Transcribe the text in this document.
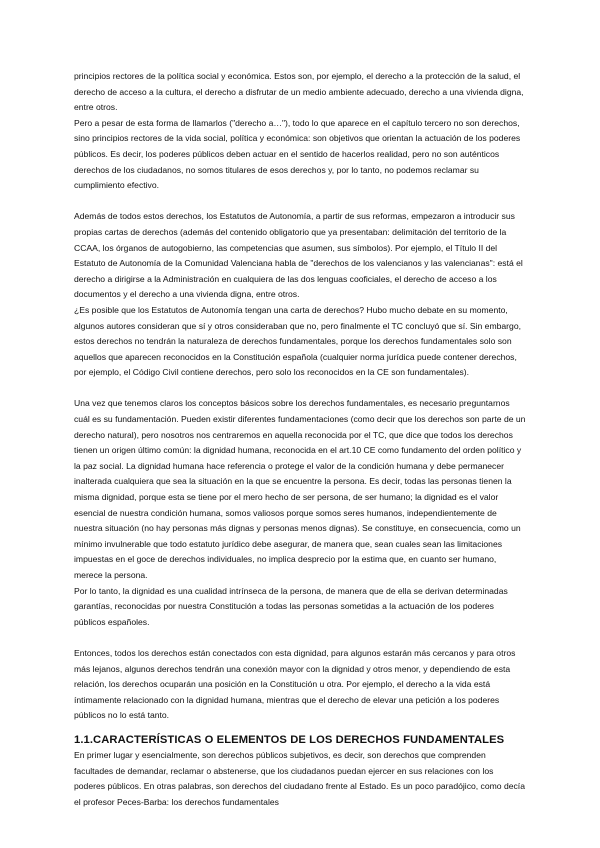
principios rectores de la política social y económica. Estos son, por ejemplo, el derecho a la protección de la salud, el derecho de acceso a la cultura, el derecho a disfrutar de un medio ambiente adecuado, derecho a una vivienda digna, entre otros.

Pero a pesar de esta forma de llamarlos ("derecho a…"), todo lo que aparece en el capítulo tercero no son derechos, sino principios rectores de la vida social, política y económica: son objetivos que orientan la actuación de los poderes públicos. Es decir, los poderes públicos deben actuar en el sentido de hacerlos realidad, pero no son auténticos derechos de los ciudadanos, no somos titulares de esos derechos y, por lo tanto, no podemos reclamar su cumplimiento efectivo.

Además de todos estos derechos, los Estatutos de Autonomía, a partir de sus reformas, empezaron a introducir sus propias cartas de derechos (además del contenido obligatorio que ya presentaban: delimitación del territorio de la CCAA, los órganos de autogobierno, las competencias que asumen, sus símbolos). Por ejemplo, el Título II del Estatuto de Autonomía de la Comunidad Valenciana habla de "derechos de los valencianos y las valencianas": está el derecho a dirigirse a la Administración en cualquiera de las dos lenguas cooficiales, el derecho de acceso a los documentos y el derecho a una vivienda digna, entre otros.

¿Es posible que los Estatutos de Autonomía tengan una carta de derechos? Hubo mucho debate en su momento, algunos autores consideran que sí y otros consideraban que no, pero finalmente el TC concluyó que sí. Sin embargo, estos derechos no tendrán la naturaleza de derechos fundamentales, porque los derechos fundamentales solo son aquellos que aparecen reconocidos en la Constitución española (cualquier norma jurídica puede contener derechos, por ejemplo, el Código Civil contiene derechos, pero solo los reconocidos en la CE son fundamentales).

Una vez que tenemos claros los conceptos básicos sobre los derechos fundamentales, es necesario preguntarnos cuál es su fundamentación. Pueden existir diferentes fundamentaciones (como decir que los derechos son parte de un derecho natural), pero nosotros nos centraremos en aquella reconocida por el TC, que dice que todos los derechos tienen un origen último común: la dignidad humana, reconocida en el art.10 CE como fundamento del orden político y la paz social. La dignidad humana hace referencia o protege el valor de la condición humana y debe permanecer inalterada cualquiera que sea la situación en la que se encuentre la persona. Es decir, todas las personas tienen la misma dignidad, porque esta se tiene por el mero hecho de ser persona, de ser humano; la dignidad es el valor esencial de nuestra condición humana, somos valiosos porque somos seres humanos, independientemente de nuestra situación (no hay personas más dignas y personas menos dignas). Se constituye, en consecuencia, como un mínimo invulnerable que todo estatuto jurídico debe asegurar, de manera que, sean cuales sean las limitaciones impuestas en el goce de derechos individuales, no implica desprecio por la estima que, en cuanto ser humano, merece la persona.

Por lo tanto, la dignidad es una cualidad intrínseca de la persona, de manera que de ella se derivan determinadas garantías, reconocidas por nuestra Constitución a todas las personas sometidas a la actuación de los poderes públicos españoles.

Entonces, todos los derechos están conectados con esta dignidad, para algunos estarán más cercanos y para otros más lejanos, algunos derechos tendrán una conexión mayor con la dignidad y otros menor, y dependiendo de esta relación, los derechos ocuparán una posición en la Constitución u otra. Por ejemplo, el derecho a la vida está íntimamente relacionado con la dignidad humana, mientras que el derecho de elevar una petición a los poderes públicos no lo está tanto.

1.1.CARACTERÍSTICAS O ELEMENTOS DE LOS DERECHOS FUNDAMENTALES

En primer lugar y esencialmente, son derechos públicos subjetivos, es decir, son derechos que comprenden facultades de demandar, reclamar o abstenerse, que los ciudadanos puedan ejercer en sus relaciones con los poderes públicos. En otras palabras, son derechos del ciudadano frente al Estado. Es un poco paradójico, como decía el profesor Peces-Barba: los derechos fundamentales
